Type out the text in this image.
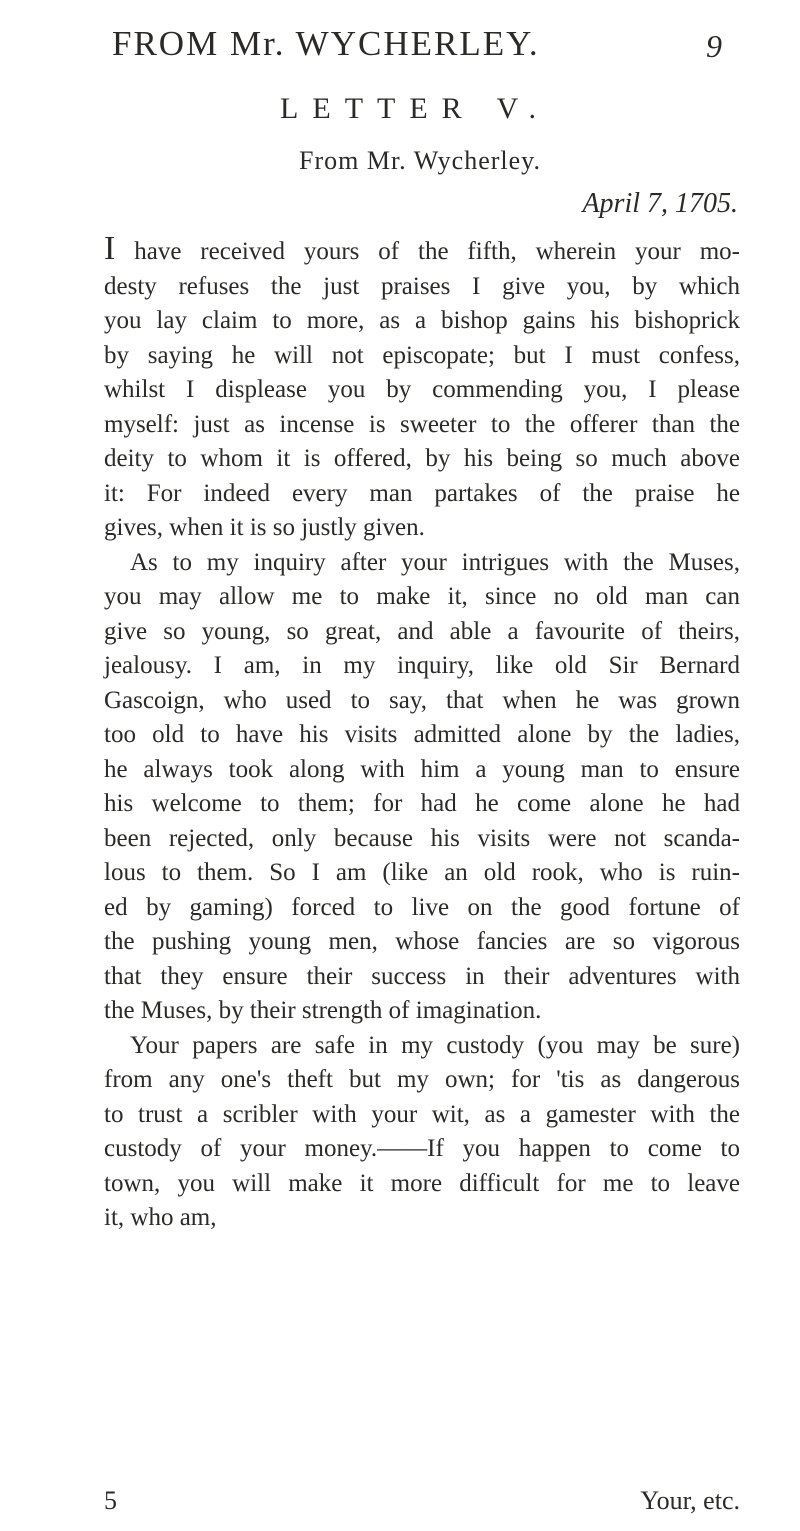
FROM Mr. WYCHERLEY.	9
LETTER V.
From Mr. Wycherley.
April 7, 1705.
I have received yours of the fifth, wherein your mo-
desty refuses the just praises I give you, by which
you lay claim to more, as a bishop gains his bishoprick
by saying he will not episcopate; but I must confess,
whilst I displease you by commending you, I please
myself: just as incense is sweeter to the offerer than the
deity to whom it is offered, by his being so much above
it: For indeed every man partakes of the praise he
gives, when it is so justly given.
As to my inquiry after your intrigues with the Muses,
you may allow me to make it, since no old man can
give so young, so great, and able a favourite of theirs,
jealousy. I am, in my inquiry, like old Sir Bernard
Gascoign, who used to say, that when he was grown
too old to have his visits admitted alone by the ladies,
he always took along with him a young man to ensure
his welcome to them; for had he come alone he had
been rejected, only because his visits were not scanda-
lous to them. So I am (like an old rook, who is ruin-
ed by gaming) forced to live on the good fortune of
the pushing young men, whose fancies are so vigorous
that they ensure their success in their adventures with
the Muses, by their strength of imagination.
Your papers are safe in my custody (you may be sure)
from any one's theft but my own; for 'tis as dangerous
to trust a scribler with your wit, as a gamester with the
custody of your money.——If you happen to come to
town, you will make it more difficult for me to leave
it, who am,
5	Your, etc.
